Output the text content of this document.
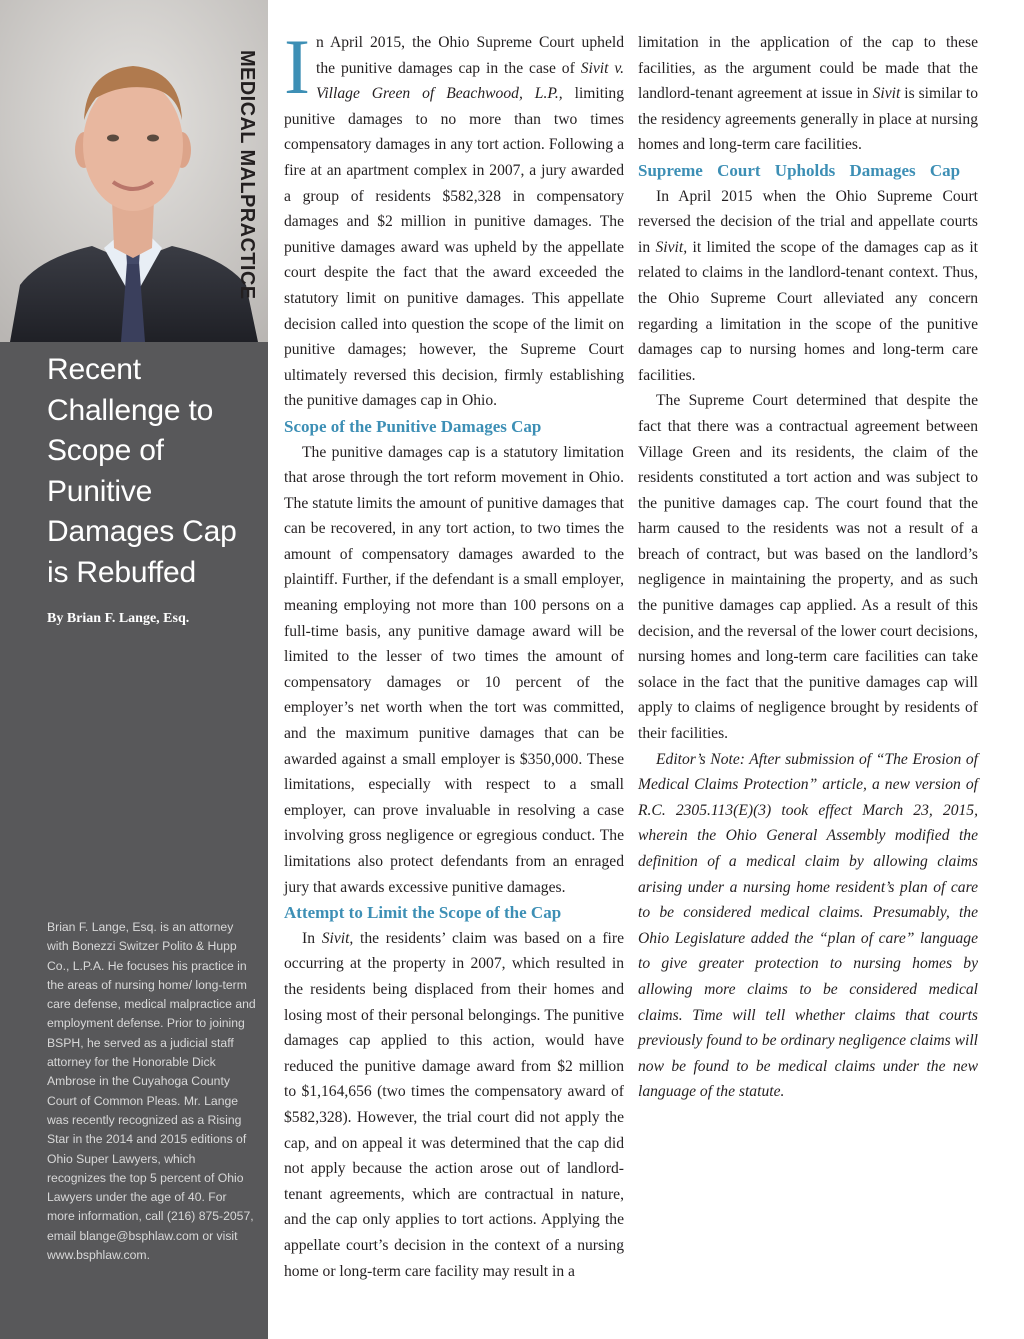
Recent Challenge to Scope of Punitive Damages Cap is Rebuffed

By Brian F. Lange, Esq.

Brian F. Lange, Esq. is an attorney with Bonezzi Switzer Polito & Hupp Co., L.P.A. He focuses his practice in the areas of nursing home/ long-term care defense, medical malpractice and employment defense. Prior to joining BSPH, he served as a judicial staff attorney for the Honorable Dick Ambrose in the Cuyahoga County Court of Common Pleas. Mr. Lange was recently recognized as a Rising Star in the 2014 and 2015 editions of Ohio Super Lawyers, which recognizes the top 5 percent of Ohio Lawyers under the age of 40. For more information, call (216) 875-2057, email blange@bsphlaw.com or visit www.bsphlaw.com.

MEDICAL MALPRACTICE In April 2015, the Ohio Supreme Court upheld the punitive damages cap in the case of Sivit v. Village Green of Beachwood, L.P., limiting punitive damages to no more than two times compensatory damages in any tort action. Following a fire at an apartment complex in 2007, a jury awarded a group of residents $582,328 in compensatory damages and $2 million in punitive damages. The punitive damages award was upheld by the appellate court despite the fact that the award exceeded the statutory limit on punitive damages. This appellate decision called into question the scope of the limit on punitive damages; however, the Supreme Court ultimately reversed this decision, firmly establishing the punitive damages cap in Ohio.

Scope of the Punitive Damages Cap

The punitive damages cap is a statutory limitation that arose through the tort reform movement in Ohio. The statute limits the amount of punitive damages that can be recovered, in any tort action, to two times the amount of compensatory damages awarded to the plaintiff. Further, if the defendant is a small employer, meaning employing not more than 100 persons on a full-time basis, any punitive damage award will be limited to the lesser of two times the amount of compensatory damages or 10 percent of the employer’s net worth when the tort was committed, and the maximum punitive damages that can be awarded against a small employer is $350,000. These limitations, especially with respect to a small employer, can prove invaluable in resolving a case involving gross negligence or egregious conduct. The limitations also protect defendants from an enraged jury that awards excessive punitive damages.

Attempt to Limit the Scope of the Cap

In Sivit, the residents’ claim was based on a fire occurring at the property in 2007, which resulted in the residents being displaced from their homes and losing most of their personal belongings. The punitive damages cap applied to this action, would have reduced the punitive damage award from $2 million to $1,164,656 (two times the compensatory award of $582,328). However, the trial court did not apply the cap, and on appeal it was determined that the cap did not apply because the action arose out of landlord-tenant agreements, which are contractual in nature, and the cap only applies to tort actions. Applying the appellate court’s decision in the context of a nursing home or long-term care facility may result in a

limitation in the application of the cap to these facilities, as the argument could be made that the landlord-tenant agreement at issue in Sivit is similar to the residency agreements generally in place at nursing homes and long-term care facilities.

Supreme Court Upholds Damages Cap

In April 2015 when the Ohio Supreme Court reversed the decision of the trial and appellate courts in Sivit, it limited the scope of the damages cap as it related to claims in the landlord-tenant context. Thus, the Ohio Supreme Court alleviated any concern regarding a limitation in the scope of the punitive damages cap to nursing homes and long-term care facilities.

The Supreme Court determined that despite the fact that there was a contractual agreement between Village Green and its residents, the claim of the residents constituted a tort action and was subject to the punitive damages cap. The court found that the harm caused to the residents was not a result of a breach of contract, but was based on the landlord’s negligence in maintaining the property, and as such the punitive damages cap applied. As a result of this decision, and the reversal of the lower court decisions, nursing homes and long-term care facilities can take solace in the fact that the punitive damages cap will apply to claims of negligence brought by residents of their facilities.

Editor’s Note: After submission of “The Erosion of Medical Claims Protection” article, a new version of R.C. 2305.113(E)(3) took effect March 23, 2015, wherein the Ohio General Assembly modified the definition of a medical claim by allowing claims arising under a nursing home resident’s plan of care to be considered medical claims. Presumably, the Ohio Legislature added the “plan of care” language to give greater protection to nursing homes by allowing more claims to be considered medical claims. Time will tell whether claims that courts previously found to be ordinary negligence claims will now be found to be medical claims under the new language of the statute.
